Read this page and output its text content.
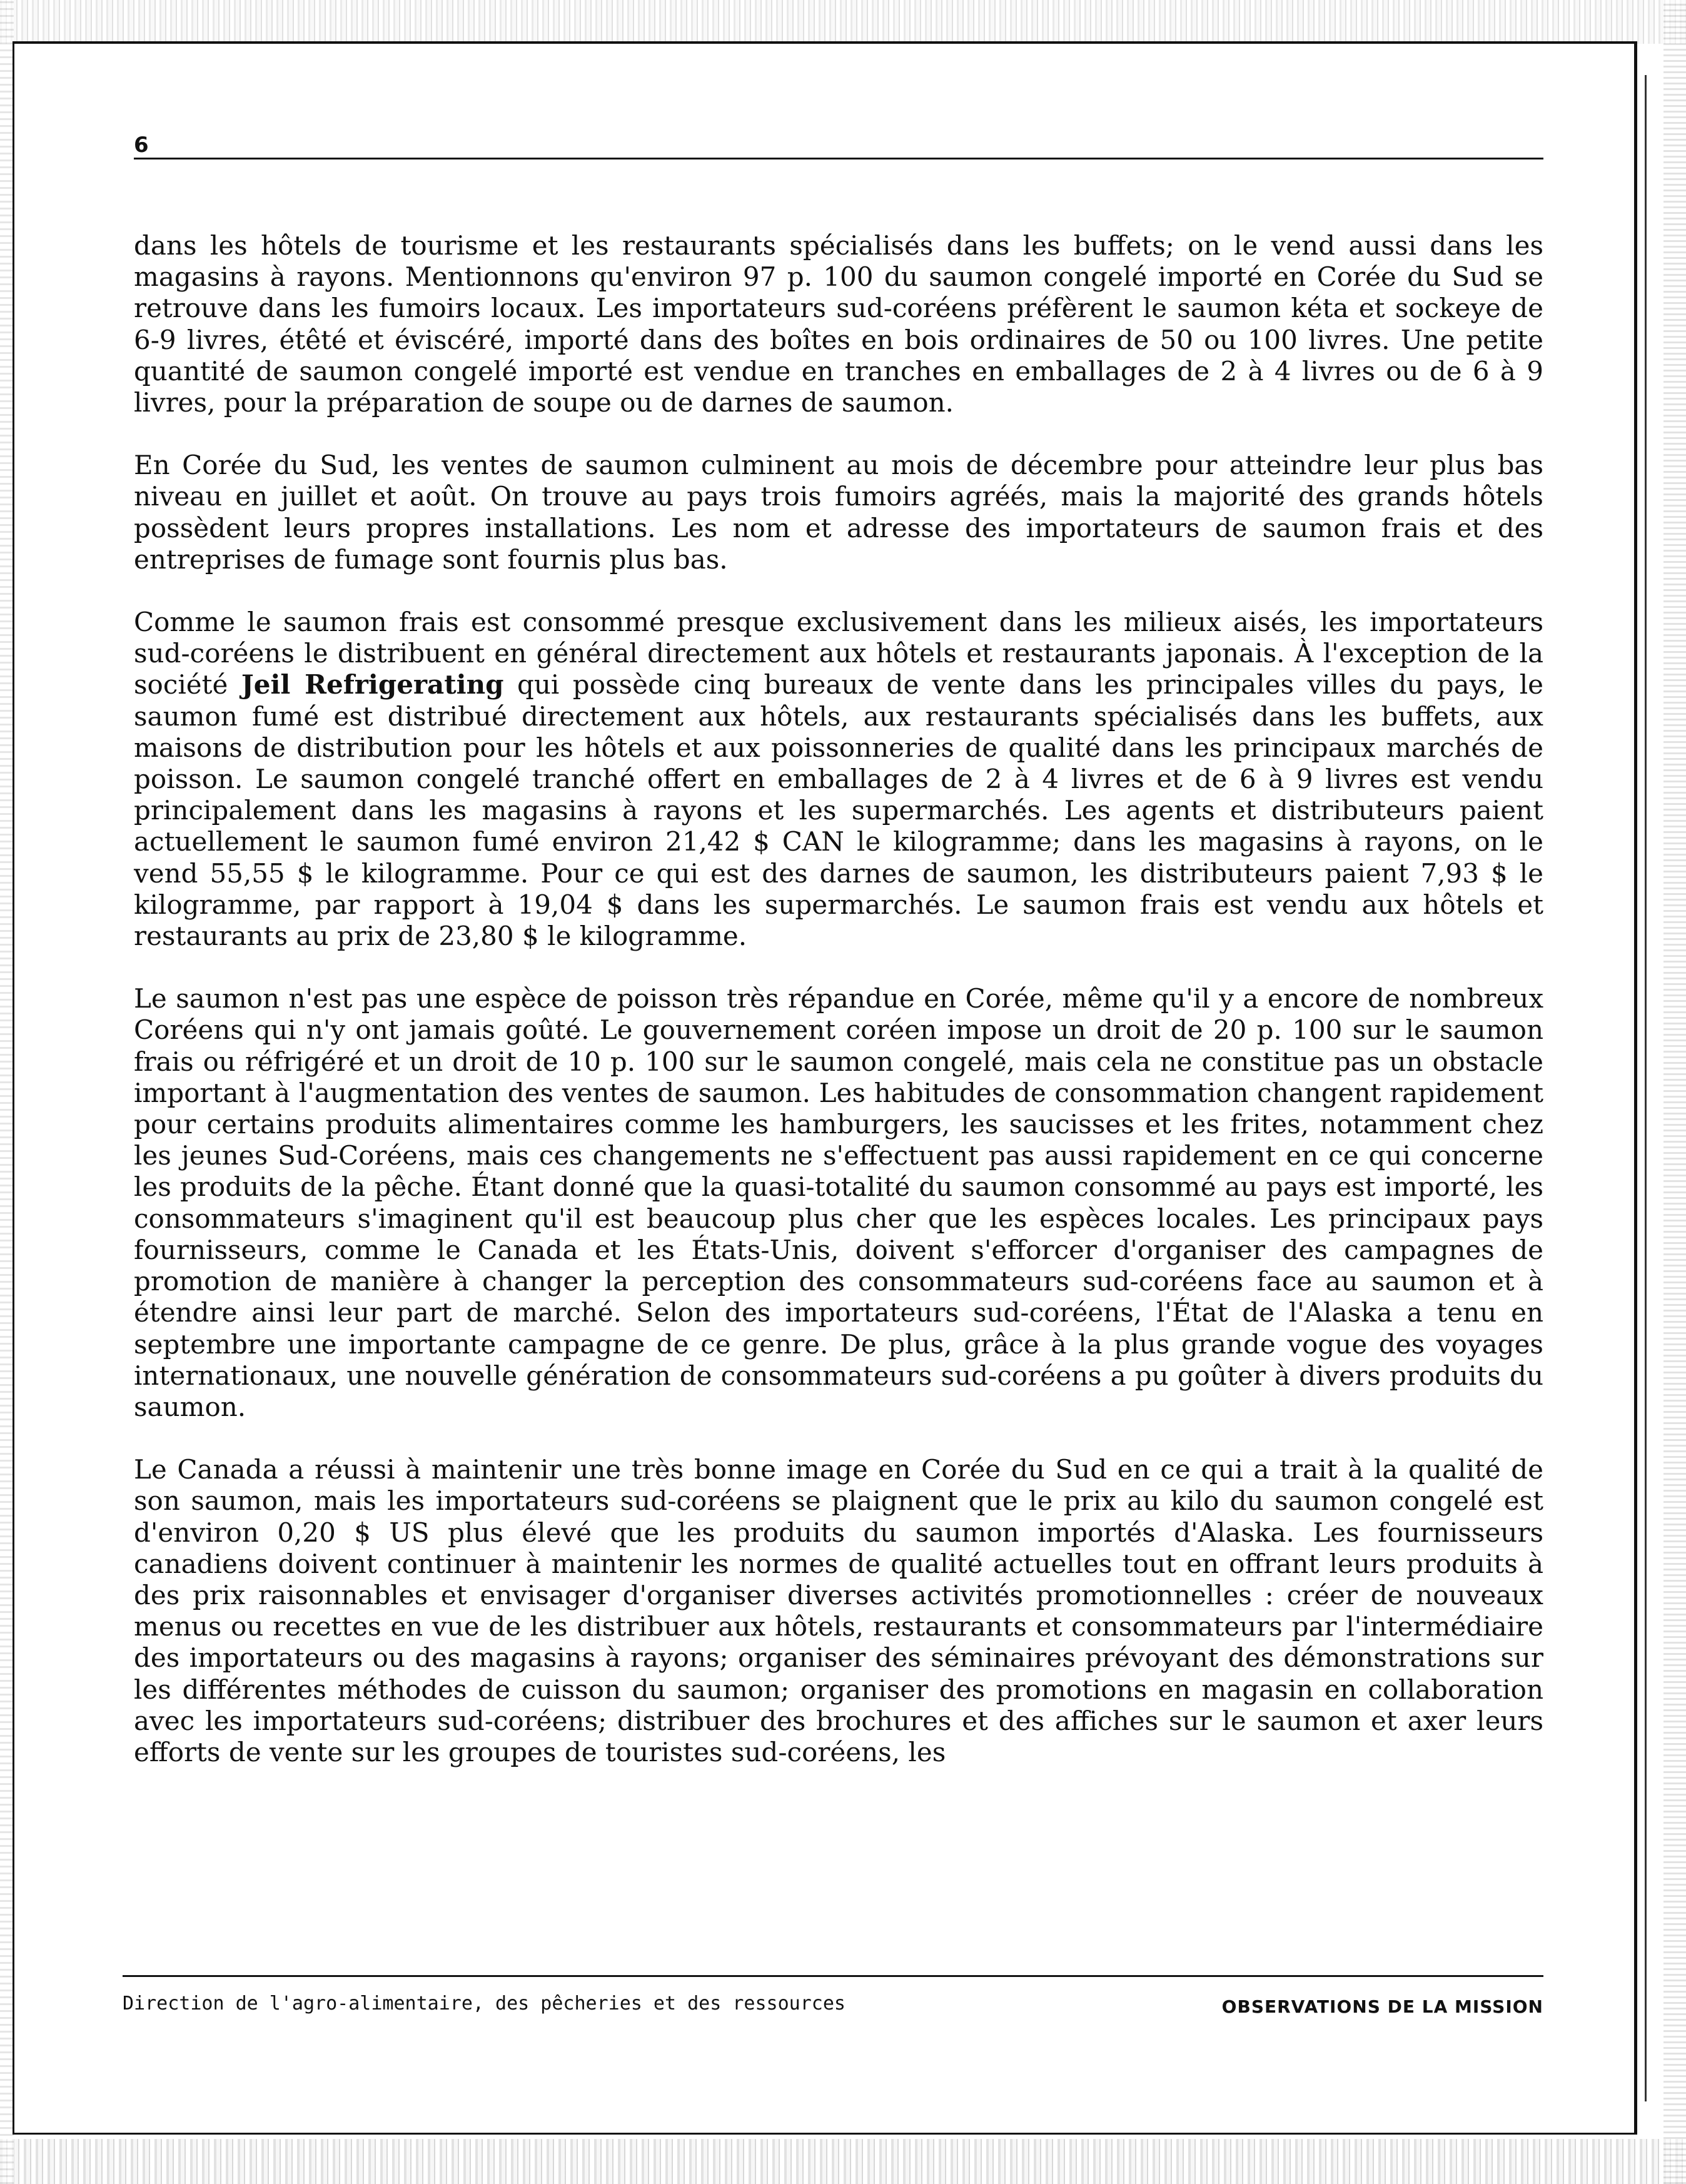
6

dans les hôtels de tourisme et les restaurants spécialisés dans les buffets; on le vend aussi dans les magasins à rayons. Mentionnons qu'environ 97 p. 100 du saumon congelé importé en Corée du Sud se retrouve dans les fumoirs locaux. Les importateurs sud-coréens préfèrent le saumon kéta et sockeye de 6-9 livres, étêté et éviscéré, importé dans des boîtes en bois ordinaires de 50 ou 100 livres. Une petite quantité de saumon congelé importé est vendue en tranches en emballages de 2 à 4 livres ou de 6 à 9 livres, pour la préparation de soupe ou de darnes de saumon.

En Corée du Sud, les ventes de saumon culminent au mois de décembre pour atteindre leur plus bas niveau en juillet et août. On trouve au pays trois fumoirs agréés, mais la majorité des grands hôtels possèdent leurs propres installations. Les nom et adresse des importateurs de saumon frais et des entreprises de fumage sont fournis plus bas.

Comme le saumon frais est consommé presque exclusivement dans les milieux aisés, les importateurs sud-coréens le distribuent en général directement aux hôtels et restaurants japonais. À l'exception de la société Jeil Refrigerating qui possède cinq bureaux de vente dans les principales villes du pays, le saumon fumé est distribué directement aux hôtels, aux restaurants spécialisés dans les buffets, aux maisons de distribution pour les hôtels et aux poissonneries de qualité dans les principaux marchés de poisson. Le saumon congelé tranché offert en emballages de 2 à 4 livres et de 6 à 9 livres est vendu principalement dans les magasins à rayons et les supermarchés. Les agents et distributeurs paient actuellement le saumon fumé environ 21,42 $ CAN le kilogramme; dans les magasins à rayons, on le vend 55,55 $ le kilogramme. Pour ce qui est des darnes de saumon, les distributeurs paient 7,93 $ le kilogramme, par rapport à 19,04 $ dans les supermarchés. Le saumon frais est vendu aux hôtels et restaurants au prix de 23,80 $ le kilogramme.

Le saumon n'est pas une espèce de poisson très répandue en Corée, même qu'il y a encore de nombreux Coréens qui n'y ont jamais goûté. Le gouvernement coréen impose un droit de 20 p. 100 sur le saumon frais ou réfrigéré et un droit de 10 p. 100 sur le saumon congelé, mais cela ne constitue pas un obstacle important à l'augmentation des ventes de saumon. Les habitudes de consommation changent rapidement pour certains produits alimentaires comme les hamburgers, les saucisses et les frites, notamment chez les jeunes Sud-Coréens, mais ces changements ne s'effectuent pas aussi rapidement en ce qui concerne les produits de la pêche. Étant donné que la quasi-totalité du saumon consommé au pays est importé, les consommateurs s'imaginent qu'il est beaucoup plus cher que les espèces locales. Les principaux pays fournisseurs, comme le Canada et les États-Unis, doivent s'efforcer d'organiser des campagnes de promotion de manière à changer la perception des consommateurs sud-coréens face au saumon et à étendre ainsi leur part de marché. Selon des importateurs sud-coréens, l'État de l'Alaska a tenu en septembre une importante campagne de ce genre. De plus, grâce à la plus grande vogue des voyages internationaux, une nouvelle génération de consommateurs sud-coréens a pu goûter à divers produits du saumon.

Le Canada a réussi à maintenir une très bonne image en Corée du Sud en ce qui a trait à la qualité de son saumon, mais les importateurs sud-coréens se plaignent que le prix au kilo du saumon congelé est d'environ 0,20 $ US plus élevé que les produits du saumon importés d'Alaska. Les fournisseurs canadiens doivent continuer à maintenir les normes de qualité actuelles tout en offrant leurs produits à des prix raisonnables et envisager d'organiser diverses activités promotionnelles : créer de nouveaux menus ou recettes en vue de les distribuer aux hôtels, restaurants et consommateurs par l'intermédiaire des importateurs ou des magasins à rayons; organiser des séminaires prévoyant des démonstrations sur les différentes méthodes de cuisson du saumon; organiser des promotions en magasin en collaboration avec les importateurs sud-coréens; distribuer des brochures et des affiches sur le saumon et axer leurs efforts de vente sur les groupes de touristes sud-coréens, les

Direction de l'agro-alimentaire, des pêcheries et des ressources	OBSERVATIONS DE LA MISSION
